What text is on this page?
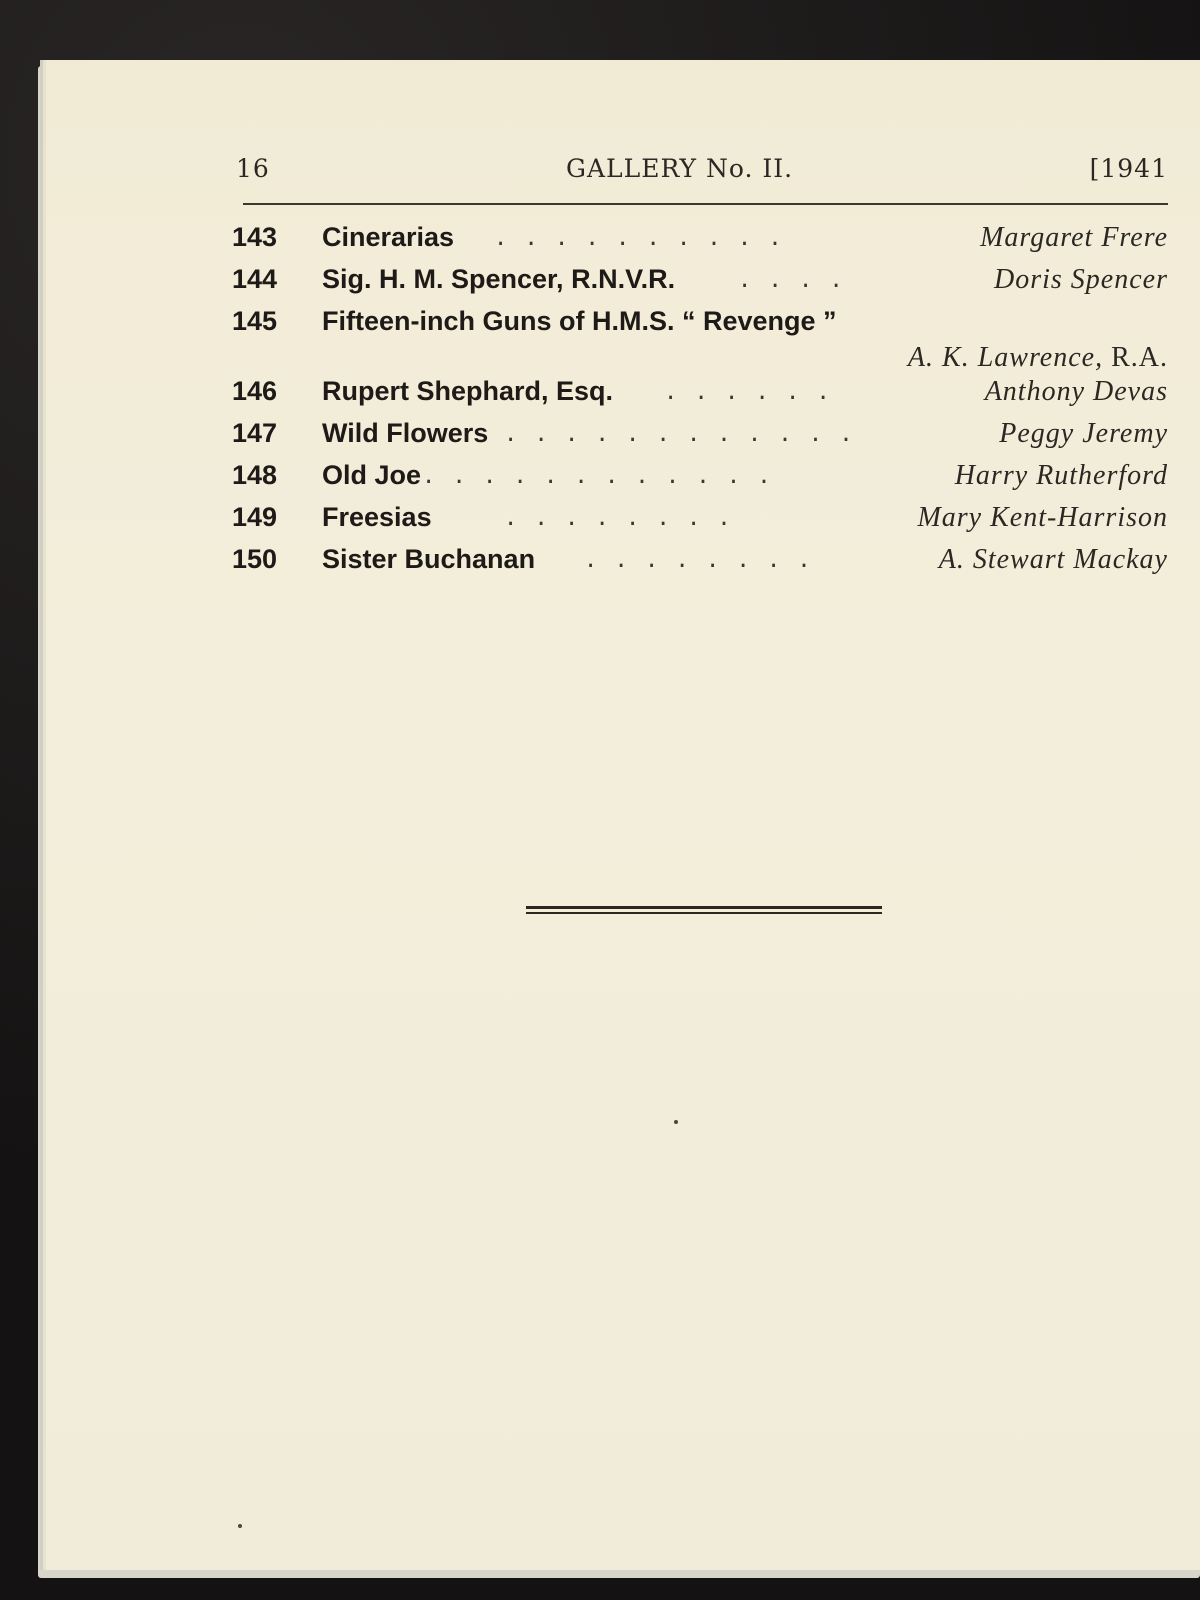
16	GALLERY No. II.	[1941
143 Cinerarias . . . . . . . . . .	Margaret Frere
144 Sig. H. M. Spencer, R.N.V.R.	. . . .	Doris Spencer
145 Fifteen-inch Guns of H.M.S. “ Revenge ”
A. K. Lawrence, R.A.
146 Rupert Shephard, Esq. . . . . . .	Anthony Devas
147 Wild Flowers . . . . . . . . . . . .	Peggy Jeremy
148 Old Joe . . . . . . . . . . . .	Harry Rutherford
149 Freesias	. . . . . . . .	Mary Kent-Harrison
150 Sister Buchanan . . . . . . . .	A. Stewart Mackay
